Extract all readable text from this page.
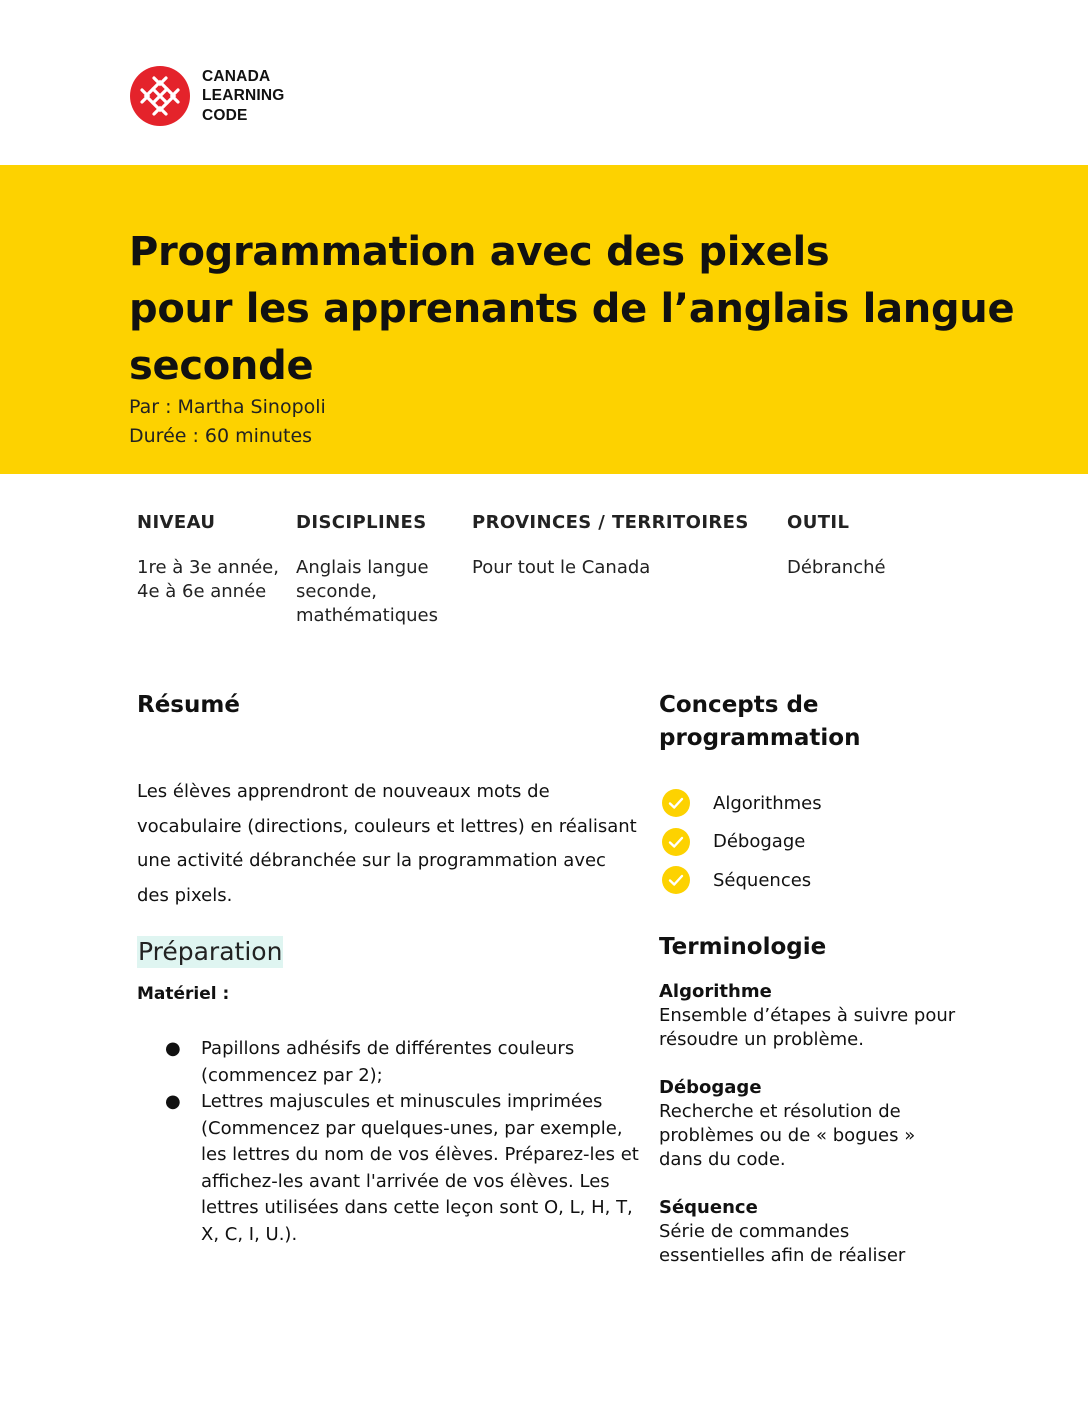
CANADA
LEARNING
CODE
Programmation avec des pixels
pour les apprenants de l’anglais langue
seconde
Par : Martha Sinopoli
Durée : 60 minutes
NIVEAU
1re à 3e année, 4e à 6e année
DISCIPLINES
Anglais langue seconde, mathématiques
PROVINCES / TERRITOIRES
Pour tout le Canada
OUTIL
Débranché
Résumé

Les élèves apprendront de nouveaux mots de vocabulaire (directions, couleurs et lettres) en réalisant une activité débranchée sur la programmation avec des pixels.

Préparation
Matériel :
● Papillons adhésifs de différentes couleurs (commencez par 2);
● Lettres majuscules et minuscules imprimées (Commencez par quelques-unes, par exemple, les lettres du nom de vos élèves. Préparez-les et affichez-les avant l'arrivée de vos élèves. Les lettres utilisées dans cette leçon sont O, L, H, T, X, C, I, U.).
Concepts de
programmation
Algorithmes
Débogage
Séquences
Terminologie
Algorithme
Ensemble d’étapes à suivre pour résoudre un problème.
Débogage
Recherche et résolution de problèmes ou de « bogues » dans du code.
Séquence
Série de commandes essentielles afin de réaliser
